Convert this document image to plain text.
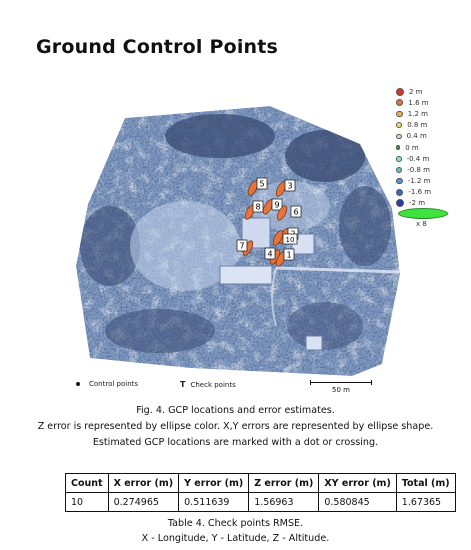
Ground Control Points
5	3
8 9
6
10
7
4 1
2 m
1.6 m
1.2 m
0.8 m
0.4 m
0 m
-0.4 m
-0.8 m
-1.2 m
-1.6 m
-2 m
x 8
Control points	T Check points
50 m
Fig. 4. GCP locations and error estimates.
Z error is represented by ellipse color. X,Y errors are represented by ellipse shape.
Estimated GCP locations are marked with a dot or crossing.
Count	X error (m)	Y error (m)	Z error (m)	XY error (m)	Total (m)
10	0.274965	0.511639	1.56963	0.580845	1.67365
Table 4. Check points RMSE.
X - Longitude, Y - Latitude, Z - Altitude.
